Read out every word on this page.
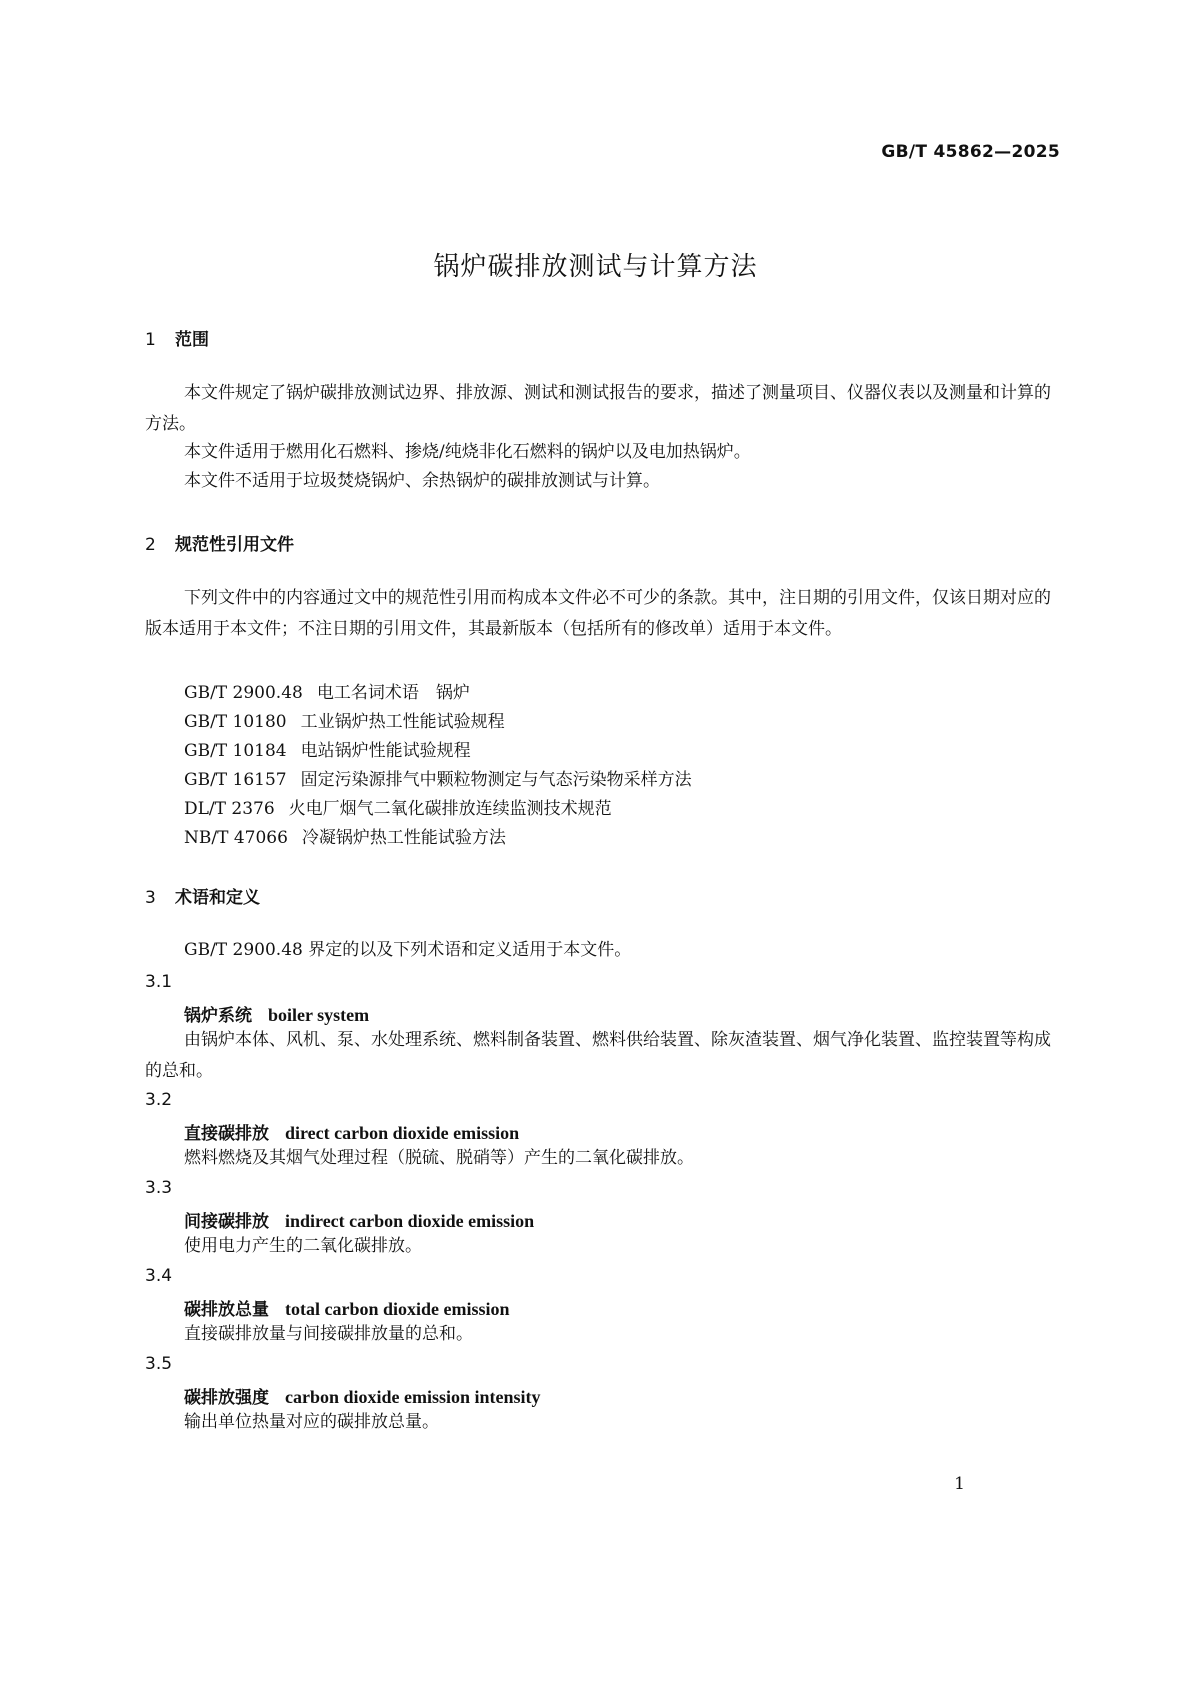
GB/T 45862—2025
锅炉碳排放测试与计算方法
1 范围
本文件规定了锅炉碳排放测试边界、排放源、测试和测试报告的要求，描述了测量项目、仪器仪表以及测量和计算的方法。
本文件适用于燃用化石燃料、掺烧/纯烧非化石燃料的锅炉以及电加热锅炉。
本文件不适用于垃圾焚烧锅炉、余热锅炉的碳排放测试与计算。
2 规范性引用文件
下列文件中的内容通过文中的规范性引用而构成本文件必不可少的条款。其中，注日期的引用文件，仅该日期对应的版本适用于本文件；不注日期的引用文件，其最新版本（包括所有的修改单）适用于本文件。
GB/T 2900.48 电工名词术语　锅炉
GB/T 10180 工业锅炉热工性能试验规程
GB/T 10184 电站锅炉性能试验规程
GB/T 16157 固定污染源排气中颗粒物测定与气态污染物采样方法
DL/T 2376 火电厂烟气二氧化碳排放连续监测技术规范
NB/T 47066 冷凝锅炉热工性能试验方法
3 术语和定义
GB/T 2900.48 界定的以及下列术语和定义适用于本文件。
3.1
锅炉系统 boiler system
由锅炉本体、风机、泵、水处理系统、燃料制备装置、燃料供给装置、除灰渣装置、烟气净化装置、监控装置等构成的总和。
3.2
直接碳排放 direct carbon dioxide emission
燃料燃烧及其烟气处理过程（脱硫、脱硝等）产生的二氧化碳排放。
3.3
间接碳排放 indirect carbon dioxide emission
使用电力产生的二氧化碳排放。
3.4
碳排放总量 total carbon dioxide emission
直接碳排放量与间接碳排放量的总和。
3.5
碳排放强度 carbon dioxide emission intensity
输出单位热量对应的碳排放总量。
1
